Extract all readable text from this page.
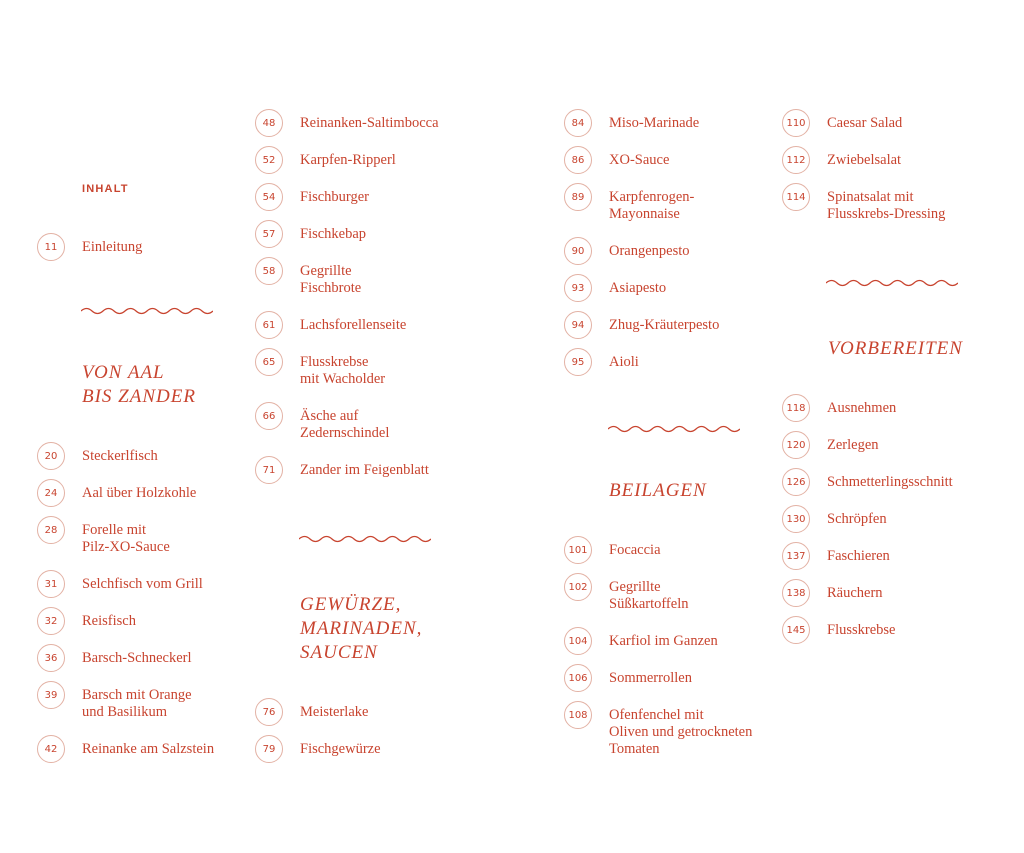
INHALT
11	Einleitung
VON AAL
BIS ZANDER
20	Steckerlfisch
24	Aal über Holzkohle
28	Forelle mit
Pilz-XO-Sauce
31	Selchfisch vom Grill
32	Reisfisch
36	Barsch-Schneckerl
39	Barsch mit Orange
und Basilikum
42	Reinanke am Salzstein
48	Reinanken-Saltimbocca
52	Karpfen-Ripperl
54	Fischburger
57	Fischkebap
58	Gegrillte
Fischbrote
61	Lachsforellenseite
65	Flusskrebse
mit Wacholder
66	Äsche auf
Zedernschindel
71	Zander im Feigenblatt
GEWÜRZE,
MARINADEN,
SAUCEN
76	Meisterlake
79	Fischgewürze
84	Miso-Marinade
86	XO-Sauce
89	Karpfenrogen-
Mayonnaise
90	Orangenpesto
93	Asiapesto
94	Zhug-Kräuterpesto
95	Aioli
BEILAGEN
101	Focaccia
102	Gegrillte
Süßkartoffeln
104	Karfiol im Ganzen
106	Sommerrollen
108	Ofenfenchel mit
Oliven und getrockneten
Tomaten
110	Caesar Salad
112	Zwiebelsalat
114	Spinatsalat mit
Flusskrebs-Dressing
VORBEREITEN
118	Ausnehmen
120	Zerlegen
126	Schmetterlingsschnitt
130	Schröpfen
137	Faschieren
138	Räuchern
145	Flusskrebse
